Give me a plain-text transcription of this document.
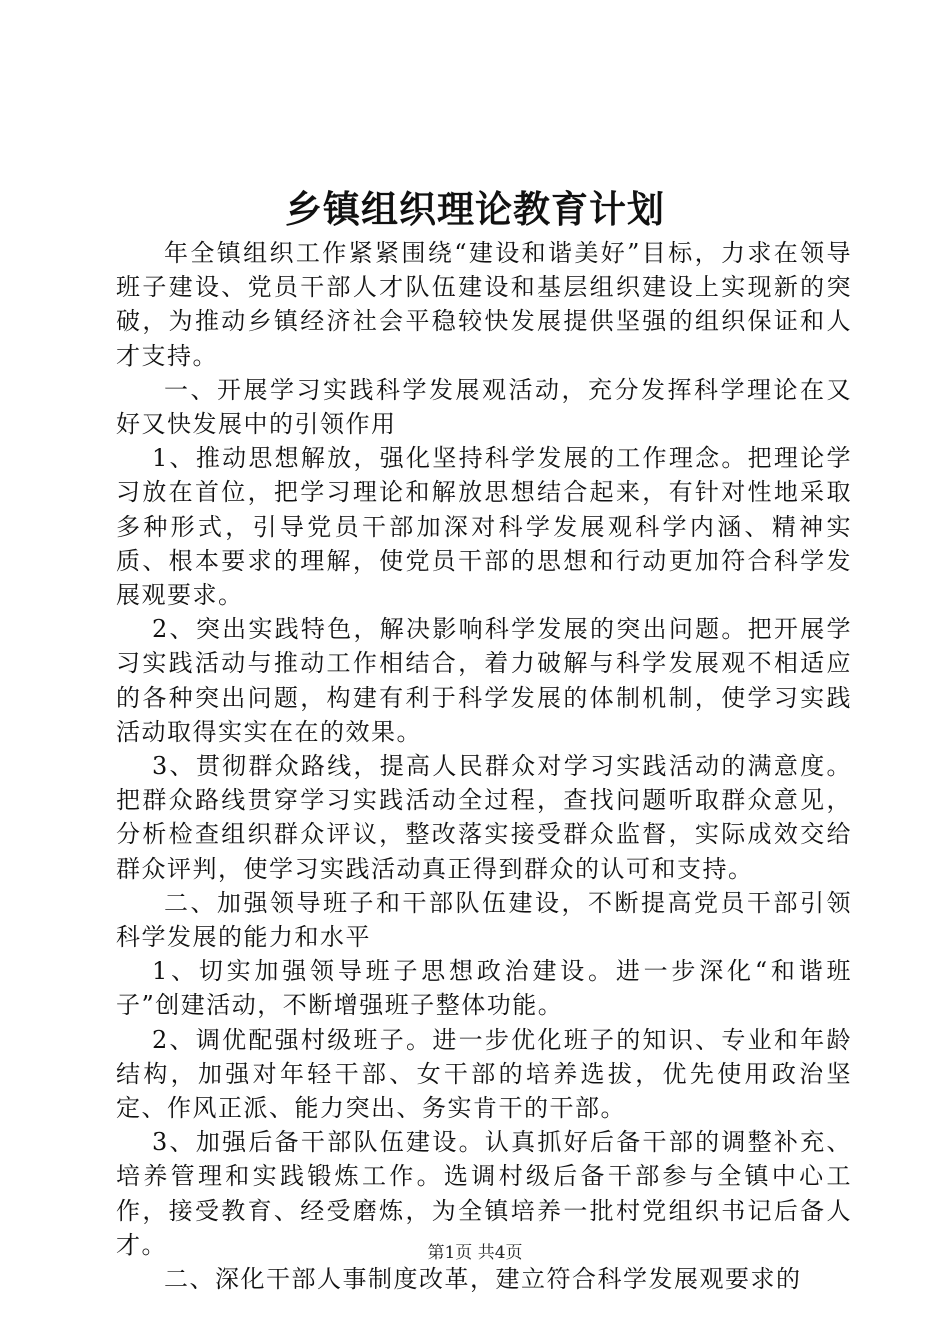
乡镇组织理论教育计划

年全镇组织工作紧紧围绕“建设和谐美好”目标，力求在领导班子建设、党员干部人才队伍建设和基层组织建设上实现新的突破，为推动乡镇经济社会平稳较快发展提供坚强的组织保证和人才支持。

一、开展学习实践科学发展观活动，充分发挥科学理论在又好又快发展中的引领作用

1、推动思想解放，强化坚持科学发展的工作理念。把理论学习放在首位，把学习理论和解放思想结合起来，有针对性地采取多种形式，引导党员干部加深对科学发展观科学内涵、精神实质、根本要求的理解，使党员干部的思想和行动更加符合科学发展观要求。

2、突出实践特色，解决影响科学发展的突出问题。把开展学习实践活动与推动工作相结合，着力破解与科学发展观不相适应的各种突出问题，构建有利于科学发展的体制机制，使学习实践活动取得实实在在的效果。

3、贯彻群众路线，提高人民群众对学习实践活动的满意度。把群众路线贯穿学习实践活动全过程，查找问题听取群众意见，分析检查组织群众评议，整改落实接受群众监督，实际成效交给群众评判，使学习实践活动真正得到群众的认可和支持。

二、加强领导班子和干部队伍建设，不断提高党员干部引领科学发展的能力和水平

1、切实加强领导班子思想政治建设。进一步深化“和谐班子”创建活动，不断增强班子整体功能。

2、调优配强村级班子。进一步优化班子的知识、专业和年龄结构，加强对年轻干部、女干部的培养选拔，优先使用政治坚定、作风正派、能力突出、务实肯干的干部。

3、加强后备干部队伍建设。认真抓好后备干部的调整补充、培养管理和实践锻炼工作。选调村级后备干部参与全镇中心工作，接受教育、经受磨炼，为全镇培养一批村党组织书记后备人才。

二、深化干部人事制度改革，建立符合科学发展观要求的

第1页 共4页
